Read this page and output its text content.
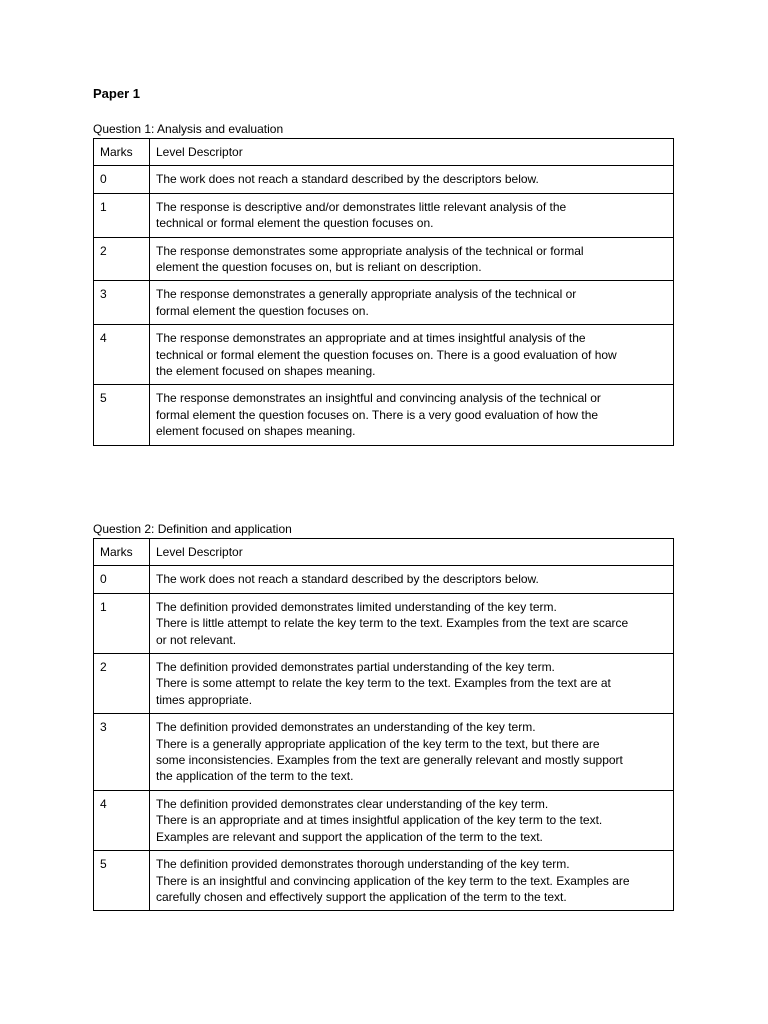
Paper 1

Question 1: Analysis and evaluation

Marks	Level Descriptor
0	The work does not reach a standard described by the descriptors below.

1	The response is descriptive and/or demonstrates little relevant analysis of the
technical or formal element the question focuses on.

2	The response demonstrates some appropriate analysis of the technical or formal
element the question focuses on, but is reliant on description.

3	The response demonstrates a generally appropriate analysis of the technical or
formal element the question focuses on.

4	The response demonstrates an appropriate and at times insightful analysis of the
technical or formal element the question focuses on. There is a good evaluation of how
the element focused on shapes meaning.

5	The response demonstrates an insightful and convincing analysis of the technical or
formal element the question focuses on. There is a very good evaluation of how the
element focused on shapes meaning.

Question 2: Definition and application

Marks	Level Descriptor
0	The work does not reach a standard described by the descriptors below.

1	The definition provided demonstrates limited understanding of the key term.
There is little attempt to relate the key term to the text. Examples from the text are scarce
or not relevant.

2	The definition provided demonstrates partial understanding of the key term.
There is some attempt to relate the key term to the text. Examples from the text are at
times appropriate.

3	The definition provided demonstrates an understanding of the key term.
There is a generally appropriate application of the key term to the text, but there are
some inconsistencies. Examples from the text are generally relevant and mostly support
the application of the term to the text.

4	The definition provided demonstrates clear understanding of the key term.
There is an appropriate and at times insightful application of the key term to the text.
Examples are relevant and support the application of the term to the text.

5	The definition provided demonstrates thorough understanding of the key term.
There is an insightful and convincing application of the key term to the text. Examples are
carefully chosen and effectively support the application of the term to the text.
